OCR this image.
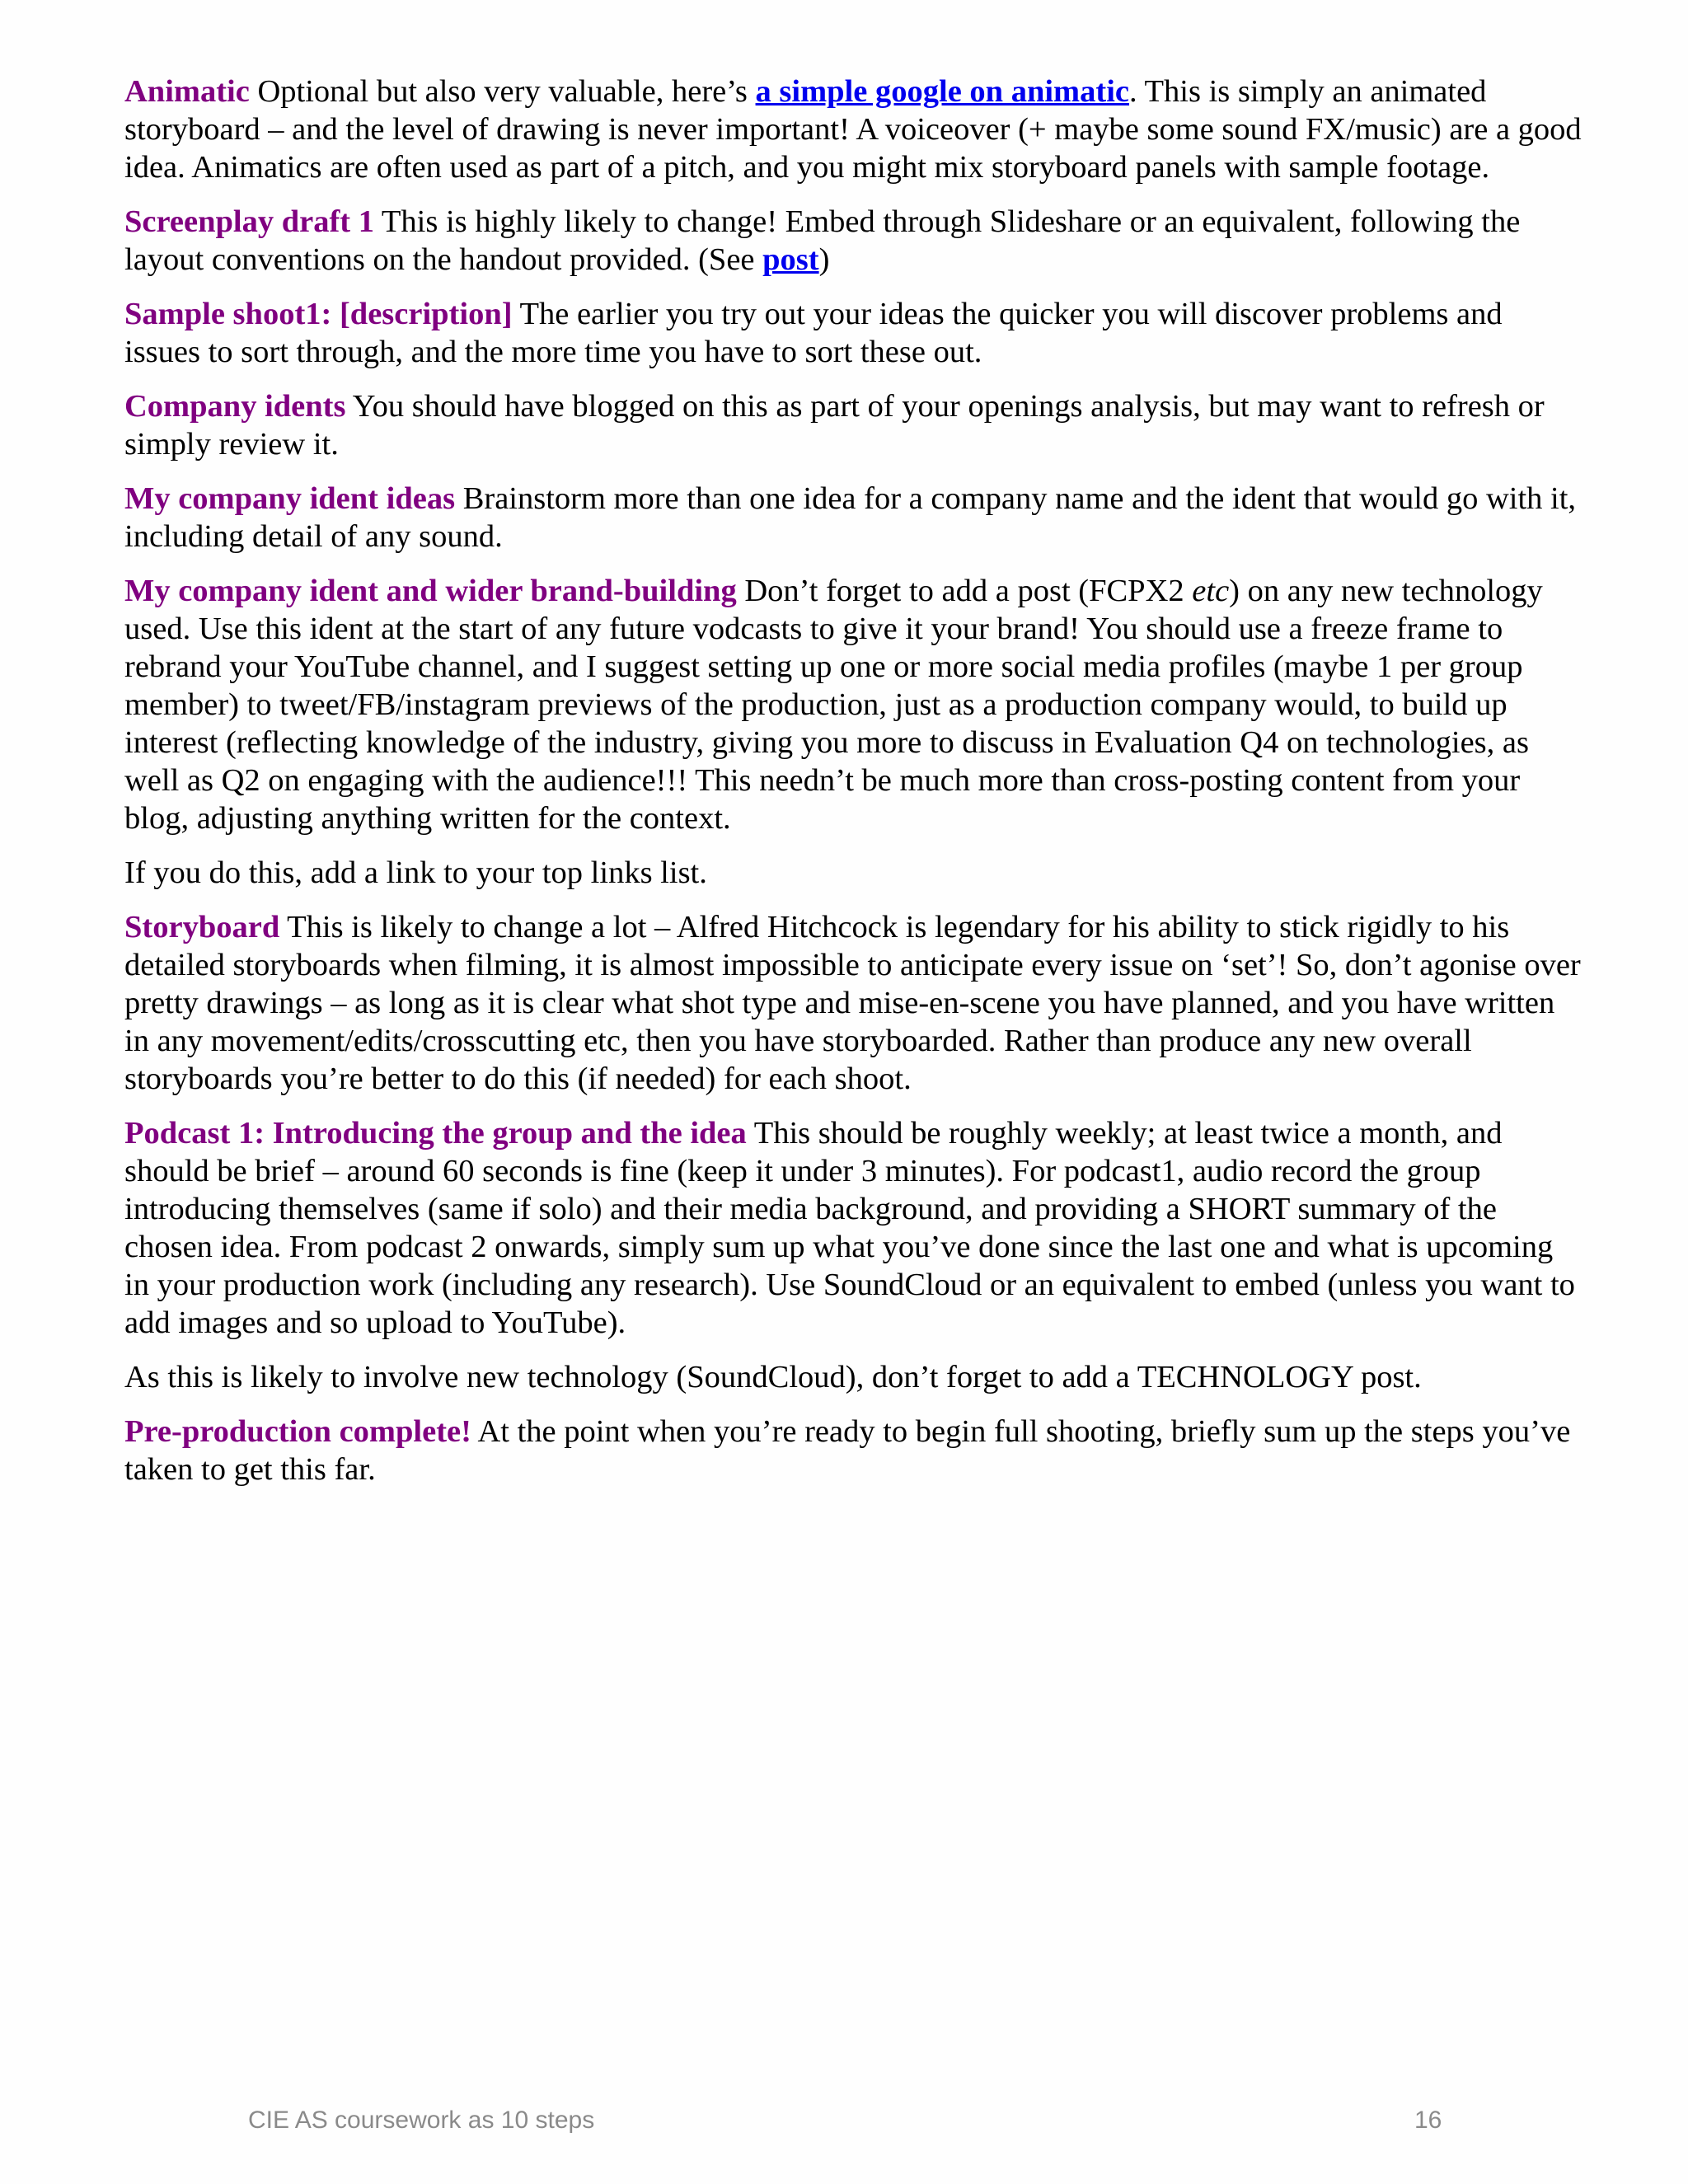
Animatic Optional but also very valuable, here’s a simple google on animatic. This is simply an animated storyboard – and the level of drawing is never important! A voiceover (+ maybe some sound FX/music) are a good idea. Animatics are often used as part of a pitch, and you might mix storyboard panels with sample footage.

Screenplay draft 1 This is highly likely to change! Embed through Slideshare or an equivalent, following the layout conventions on the handout provided. (See post)

Sample shoot1: [description] The earlier you try out your ideas the quicker you will discover problems and issues to sort through, and the more time you have to sort these out.

Company idents You should have blogged on this as part of your openings analysis, but may want to refresh or simply review it.

My company ident ideas Brainstorm more than one idea for a company name and the ident that would go with it, including detail of any sound.

My company ident and wider brand-building Don’t forget to add a post (FCPX2 etc) on any new technology used. Use this ident at the start of any future vodcasts to give it your brand! You should use a freeze frame to rebrand your YouTube channel, and I suggest setting up one or more social media profiles (maybe 1 per group member) to tweet/FB/instagram previews of the production, just as a production company would, to build up interest (reflecting knowledge of the industry, giving you more to discuss in Evaluation Q4 on technologies, as well as Q2 on engaging with the audience!!! This needn’t be much more than cross-posting content from your blog, adjusting anything written for the context.

If you do this, add a link to your top links list.

Storyboard This is likely to change a lot – Alfred Hitchcock is legendary for his ability to stick rigidly to his detailed storyboards when filming, it is almost impossible to anticipate every issue on ‘set’! So, don’t agonise over pretty drawings – as long as it is clear what shot type and mise-en-scene you have planned, and you have written in any movement/edits/crosscutting etc, then you have storyboarded. Rather than produce any new overall storyboards you’re better to do this (if needed) for each shoot.

Podcast 1: Introducing the group and the idea This should be roughly weekly; at least twice a month, and should be brief – around 60 seconds is fine (keep it under 3 minutes). For podcast1, audio record the group introducing themselves (same if solo) and their media background, and providing a SHORT summary of the chosen idea. From podcast 2 onwards, simply sum up what you’ve done since the last one and what is upcoming in your production work (including any research). Use SoundCloud or an equivalent to embed (unless you want to add images and so upload to YouTube).

As this is likely to involve new technology (SoundCloud), don’t forget to add a TECHNOLOGY post.

Pre-production complete! At the point when you’re ready to begin full shooting, briefly sum up the steps you’ve taken to get this far.

CIE AS coursework as 10 steps	16
